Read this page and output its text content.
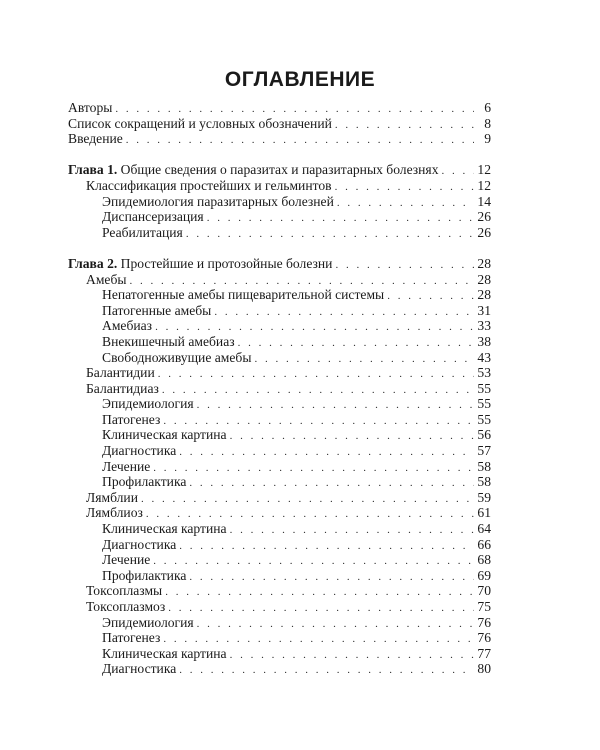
ОГЛАВЛЕНИЕ
Авторы . . .	6
Список сокращений и условных обозначений . . .	8
Введение . . .	9
Глава 1. Общие сведения о паразитах и паразитарных болезнях . . .	12
Классификация простейших и гельминтов . . .	12
Эпидемиология паразитарных болезней . . .	14
Диспансеризация . . .	26
Реабилитация . . .	26
Глава 2. Простейшие и протозойные болезни . . .	28
Амебы . . .	28
Непатогенные амебы пищеварительной системы . . .	28
Патогенные амебы . . .	31
Амебиаз . . .	33
Внекишечный амебиаз . . .	38
Свободноживущие амебы . . .	43
Балантидии . . .	53
Балантидиаз . . .	55
Эпидемиология . . .	55
Патогенез . . .	55
Клиническая картина . . .	56
Диагностика . . .	57
Лечение . . .	58
Профилактика . . .	58
Лямблии . . .	59
Лямблиоз . . .	61
Клиническая картина . . .	64
Диагностика . . .	66
Лечение . . .	68
Профилактика . . .	69
Токсоплазмы . . .	70
Токсоплазмоз . . .	75
Эпидемиология . . .	76
Патогенез . . .	76
Клиническая картина . . .	77
Диагностика . . .	80
